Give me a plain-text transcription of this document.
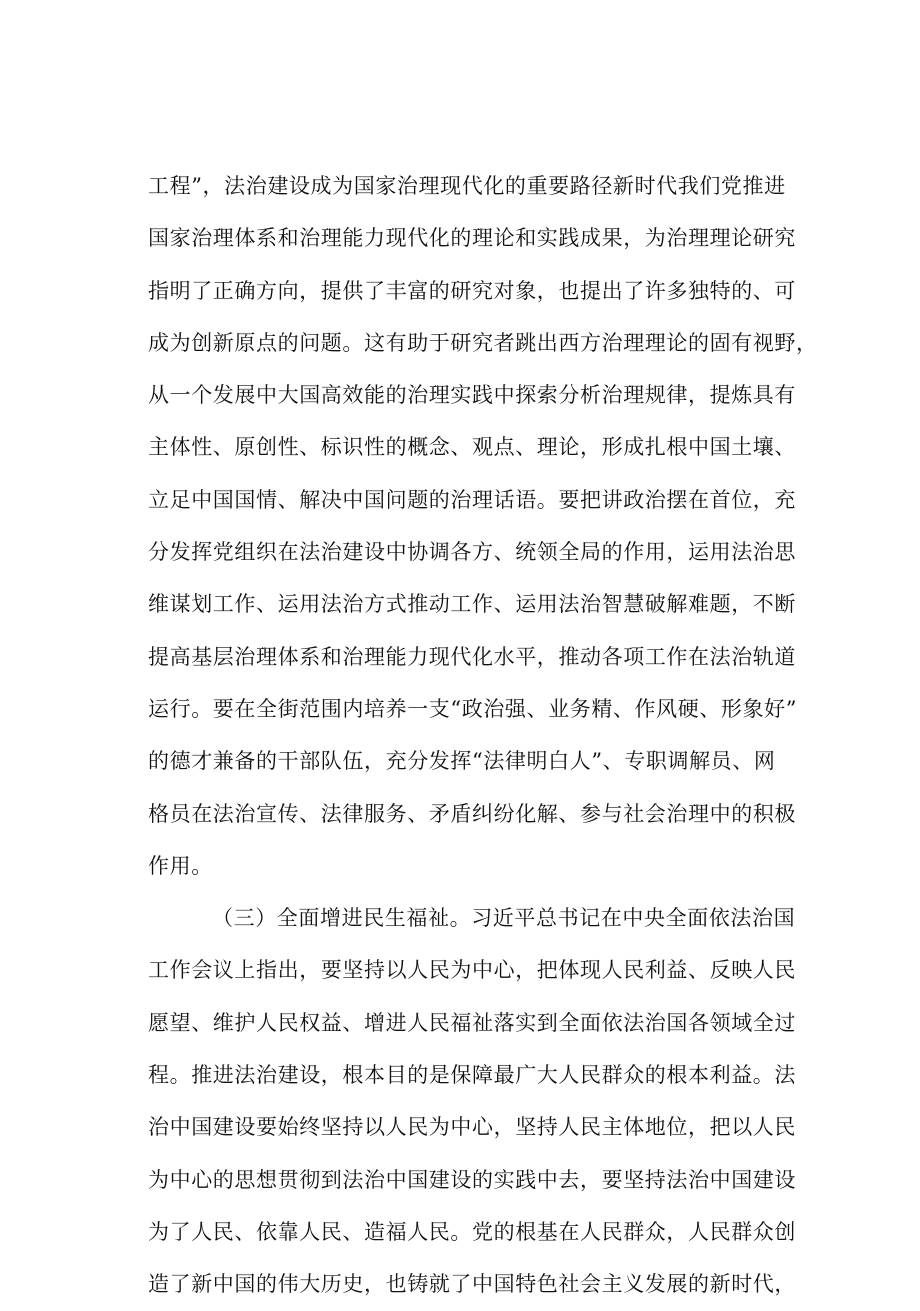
工程”，法治建设成为国家治理现代化的重要路径新时代我们党推进
国家治理体系和治理能力现代化的理论和实践成果，为治理理论研究
指明了正确方向，提供了丰富的研究对象，也提出了许多独特的、可
成为创新原点的问题。这有助于研究者跳出西方治理理论的固有视野，
从一个发展中大国高效能的治理实践中探索分析治理规律，提炼具有
主体性、原创性、标识性的概念、观点、理论，形成扎根中国土壤、
立足中国国情、解决中国问题的治理话语。要把讲政治摆在首位，充
分发挥党组织在法治建设中协调各方、统领全局的作用，运用法治思
维谋划工作、运用法治方式推动工作、运用法治智慧破解难题，不断
提高基层治理体系和治理能力现代化水平，推动各项工作在法治轨道
运行。要在全街范围内培养一支“政治强、业务精、作风硬、形象好”
的德才兼备的干部队伍，充分发挥“法律明白人”、专职调解员、网
格员在法治宣传、法律服务、矛盾纠纷化解、参与社会治理中的积极
作用。
（三）全面增进民生福祉。习近平总书记在中央全面依法治国
工作会议上指出，要坚持以人民为中心，把体现人民利益、反映人民
愿望、维护人民权益、增进人民福祉落实到全面依法治国各领域全过
程。推进法治建设，根本目的是保障最广大人民群众的根本利益。法
治中国建设要始终坚持以人民为中心，坚持人民主体地位，把以人民
为中心的思想贯彻到法治中国建设的实践中去，要坚持法治中国建设
为了人民、依靠人民、造福人民。党的根基在人民群众，人民群众创
造了新中国的伟大历史，也铸就了中国特色社会主义发展的新时代，
